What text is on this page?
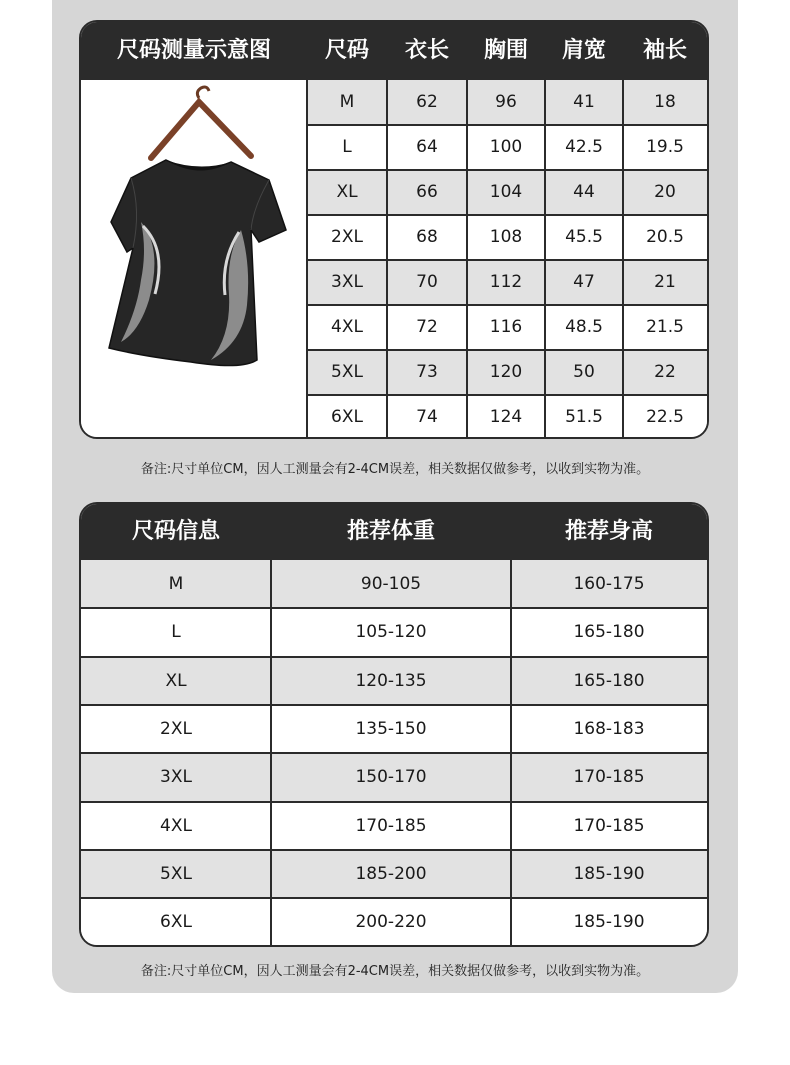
尺码测量示意图	尺码	衣长	胸围	肩宽	袖长
M	62	96	41	18
L	64	100	42.5	19.5
XL	66	104	44	20
2XL	68	108	45.5	20.5
3XL	70	112	47	21
4XL	72	116	48.5	21.5
5XL	73	120	50	22
6XL	74	124	51.5	22.5
备注:尺寸单位CM，因人工测量会有2-4CM误差，相关数据仅做参考，以收到实物为准。
尺码信息	推荐体重	推荐身高
M	90-105	160-175
L	105-120	165-180
XL	120-135	165-180
2XL	135-150	168-183
3XL	150-170	170-185
4XL	170-185	170-185
5XL	185-200	185-190
6XL	200-220	185-190
备注:尺寸单位CM，因人工测量会有2-4CM误差，相关数据仅做参考，以收到实物为准。
